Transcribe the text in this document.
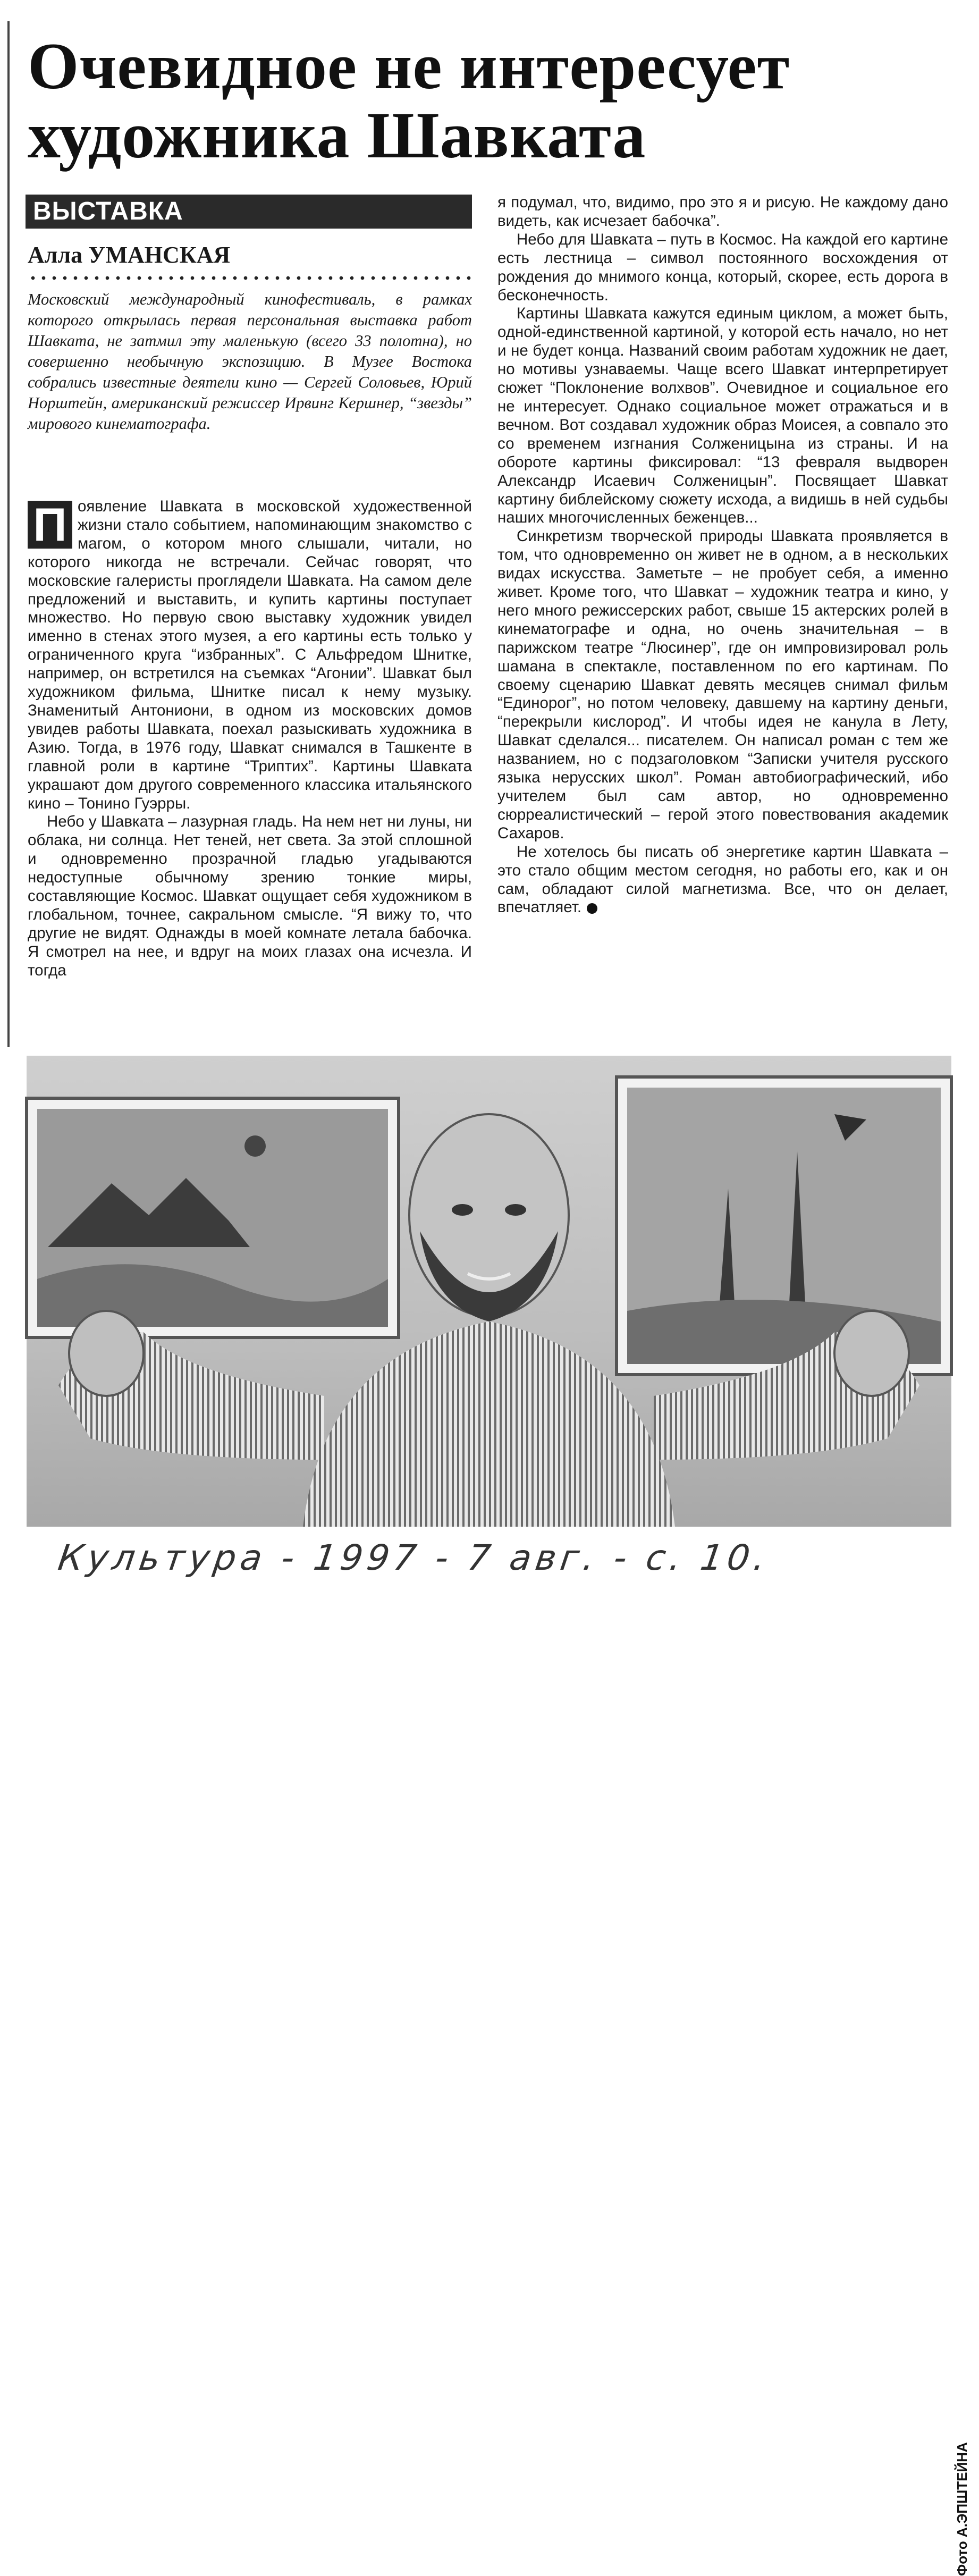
Очевидное не интересует
художника Шавката
ВЫСТАВКА
Алла УМАНСКАЯ
Московский международный кинофестиваль, в рамках которого открылась первая персональная выставка работ Шавката, не затмил эту маленькую (всего 33 полотна), но совершенно необычную экспозицию. В Музее Востока собрались известные деятели кино — Сергей Соловьев, Юрий Норштейн, американский режиссер Ирвинг Кершнер, “звезды” мирового кинематографа.

П оявление Шавката в московской художественной жизни стало событием, напоминающим знакомство с магом, о котором много слышали, читали, но которого никогда не встречали. Сейчас говорят, что московские галеристы проглядели Шавката. На самом деле предложений и выставить, и купить картины поступает множество. Но первую свою выставку художник увидел именно в стенах этого музея, а его картины есть только у ограниченного круга “избранных”. С Альфредом Шнитке, например, он встретился на съемках “Агонии”. Шавкат был художником фильма, Шнитке писал к нему музыку. Знаменитый Антониони, в одном из московских домов увидев работы Шавката, поехал разыскивать художника в Азию. Тогда, в 1976 году, Шавкат снимался в Ташкенте в главной роли в картине “Триптих”. Картины Шавката украшают дом другого современного классика итальянского кино – Тонино Гуэрры.

Небо у Шавката – лазурная гладь. На нем нет ни луны, ни облака, ни солнца. Нет теней, нет света. За этой сплошной и одновременно прозрачной гладью угадываются недоступные обычному зрению тонкие миры, составляющие Космос. Шавкат ощущает себя художником в глобальном, точнее, сакральном смысле. “Я вижу то, что другие не видят. Однажды в моей комнате летала бабочка. Я смотрел на нее, и вдруг на моих глазах она исчезла. И тогда

я подумал, что, видимо, про это я и рисую. Не каждому дано видеть, как исчезает бабочка”.

Небо для Шавката – путь в Космос. На каждой его картине есть лестница – символ постоянного восхождения от рождения до мнимого конца, который, скорее, есть дорога в бесконечность.

Картины Шавката кажутся единым циклом, а может быть, одной-единственной картиной, у которой есть начало, но нет и не будет конца. Названий своим работам художник не дает, но мотивы узнаваемы. Чаще всего Шавкат интерпретирует сюжет “Поклонение волхвов”. Очевидное и социальное его не интересует. Однако социальное может отражаться и в вечном. Вот создавал художник образ Моисея, а совпало это со временем изгнания Солженицына из страны. И на обороте картины фиксировал: “13 февраля выдворен Александр Исаевич Солженицын”. Посвящает Шавкат картину библейскому сюжету исхода, а видишь в ней судьбы наших многочисленных беженцев...

Синкретизм творческой природы Шавката проявляется в том, что одновременно он живет не в одном, а в нескольких видах искусства. Заметьте – не пробует себя, а именно живет. Кроме того, что Шавкат – художник театра и кино, у него много режиссерских работ, свыше 15 актерских ролей в кинематографе и одна, но очень значительная – в парижском театре “Люсинер”, где он импровизировал роль шамана в спектакле, поставленном по его картинам. По своему сценарию Шавкат девять месяцев снимал фильм “Единорог”, но потом человеку, давшему на картину деньги, “перекрыли кислород”. И чтобы идея не канула в Лету, Шавкат сделался... писателем. Он написал роман с тем же названием, но с подзаголовком “Записки учителя русского языка нерусских школ”. Роман автобиографический, ибо учителем был сам автор, но одновременно сюрреалистический – герой этого повествования академик Сахаров.

Не хотелось бы писать об энергетике картин Шавката – это стало общим местом сегодня, но работы его, как и он сам, обладают силой магнетизма. Все, что он делает, впечатляет.

Фото А.ЭПШТЕЙНА
Культура - 1997 - 7 авг. - с. 10.
